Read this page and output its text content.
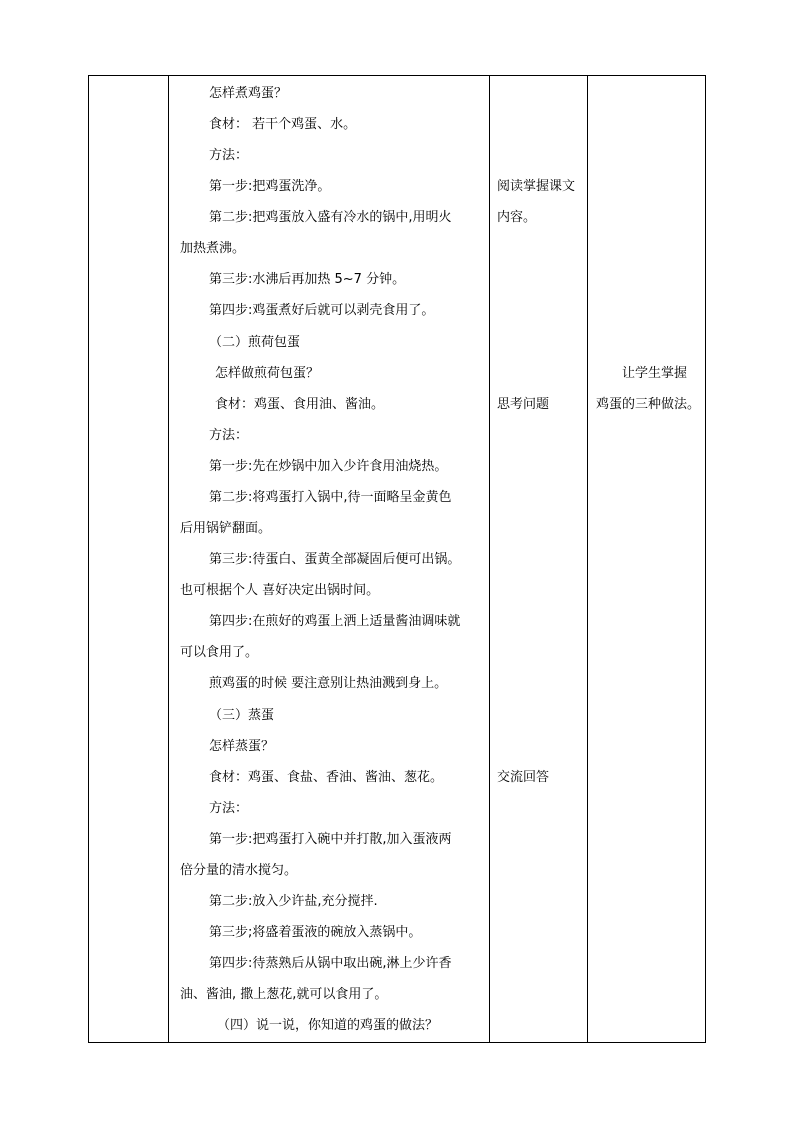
怎样煮鸡蛋？
食材： 若干个鸡蛋、水。
方法：
第一步:把鸡蛋洗净。
第二步:把鸡蛋放入盛有冷水的锅中,用明火
加热煮沸。
第三步:水沸后再加热 5~7 分钟。
第四步:鸡蛋煮好后就可以剥壳食用了。
（二）煎荷包蛋
怎样做煎荷包蛋？
食材：鸡蛋、食用油、酱油。
方法：
第一步:先在炒锅中加入少许食用油烧热。
第二步:将鸡蛋打入锅中,待一面略呈金黄色
后用锅铲翻面。
第三步:待蛋白、蛋黄全部凝固后便可出锅。
也可根据个人 喜好决定出锅时间。
第四步:在煎好的鸡蛋上洒上适量酱油调味就
可以食用了。
煎鸡蛋的时候 要注意别让热油溅到身上。
（三）蒸蛋
怎样蒸蛋？
食材：鸡蛋、食盐、香油、酱油、葱花。
方法：
第一步:把鸡蛋打入碗中并打散,加入蛋液两
倍分量的清水搅匀。
第二步:放入少许盐,充分搅拌.
第三步;将盛着蛋液的碗放入蒸锅中。
第四步:待蒸熟后从锅中取出碗,淋上少许香
油、酱油, 撒上葱花,就可以食用了。
（四）说一说，你知道的鸡蛋的做法？
阅读掌握课文
内容。
思考问题
交流回答
让学生掌握
鸡蛋的三种做法。
